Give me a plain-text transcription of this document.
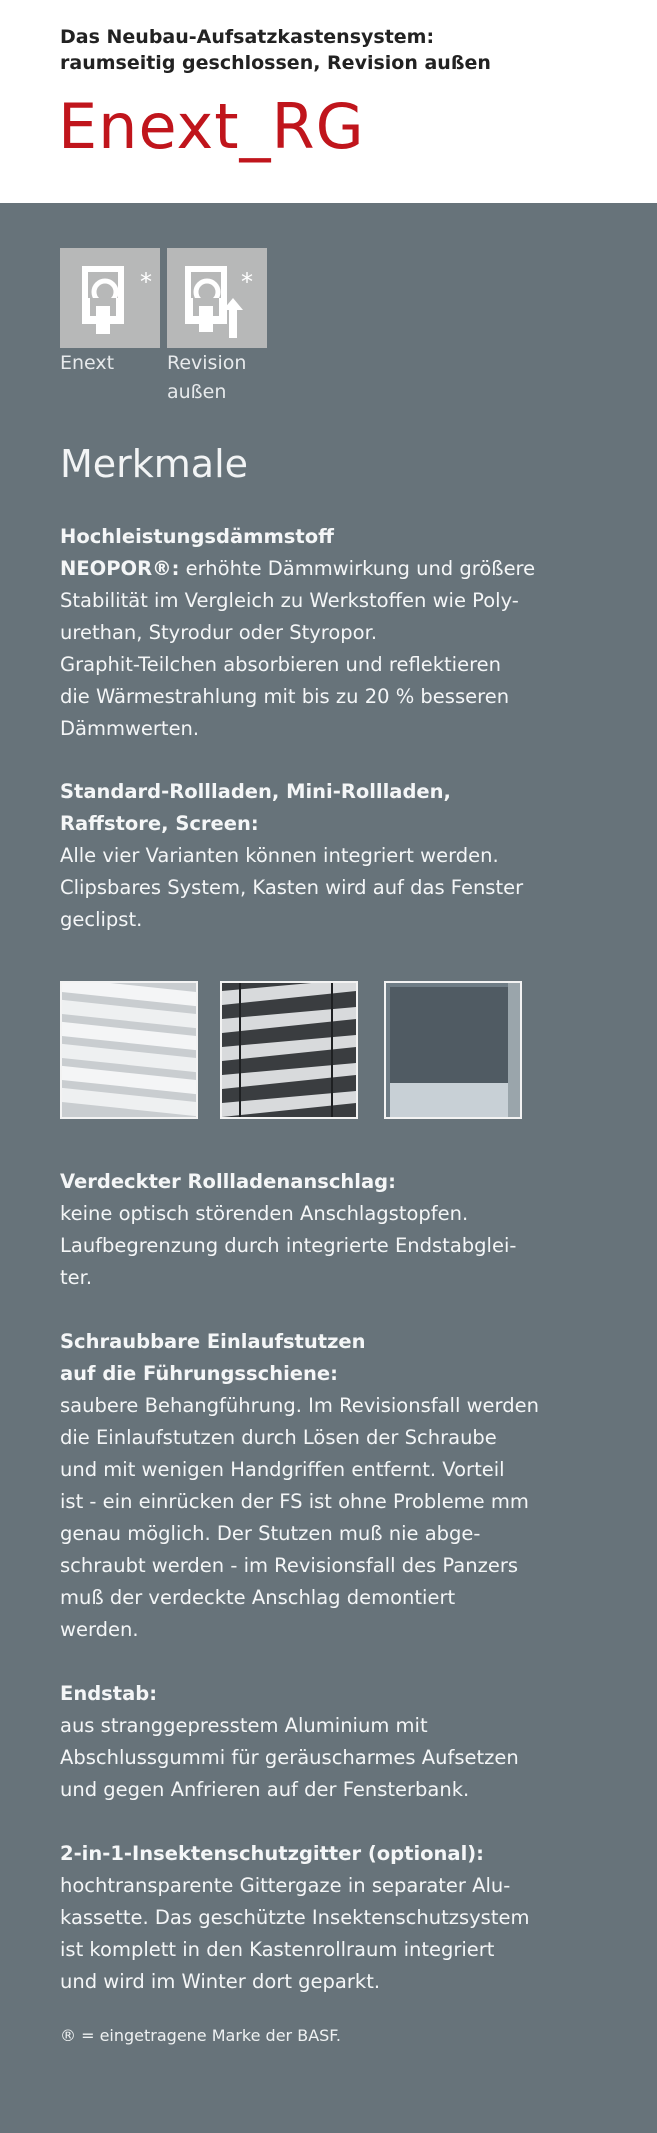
Das Neubau-Aufsatzkastensystem:
raumseitig geschlossen, Revision außen
Enext_RG
*
Enext
*
Revision
außen
Merkmale
Hochleistungsdämmstoff
NEOPOR®: erhöhte Dämmwirkung und größere
Stabilität im Vergleich zu Werkstoffen wie Poly-
urethan, Styrodur oder Styropor.
Graphit-Teilchen absorbieren und reflektieren
die Wärmestrahlung mit bis zu 20 % besseren
Dämmwerten.
Standard-Rollladen, Mini-Rollladen,
Raffstore, Screen:
Alle vier Varianten können integriert werden.
Clipsbares System, Kasten wird auf das Fenster
geclipst.
Verdeckter Rollladenanschlag:
keine optisch störenden Anschlagstopfen.
Laufbegrenzung durch integrierte Endstabglei-
ter.
Schraubbare Einlaufstutzen
auf die Führungsschiene:
saubere Behangführung. Im Revisionsfall werden
die Einlaufstutzen durch Lösen der Schraube
und mit wenigen Handgriffen entfernt. Vorteil
ist - ein einrücken der FS ist ohne Probleme mm
genau möglich. Der Stutzen muß nie abge-
schraubt werden - im Revisionsfall des Panzers
muß der verdeckte Anschlag demontiert
werden.
Endstab:
aus stranggepresstem Aluminium mit
Abschlussgummi für geräuscharmes Aufsetzen
und gegen Anfrieren auf der Fensterbank.
2-in-1-Insektenschutzgitter (optional):
hochtransparente Gittergaze in separater Alu-
kassette. Das geschützte Insektenschutzsystem
ist komplett in den Kastenrollraum integriert
und wird im Winter dort geparkt.
® = eingetragene Marke der BASF.
